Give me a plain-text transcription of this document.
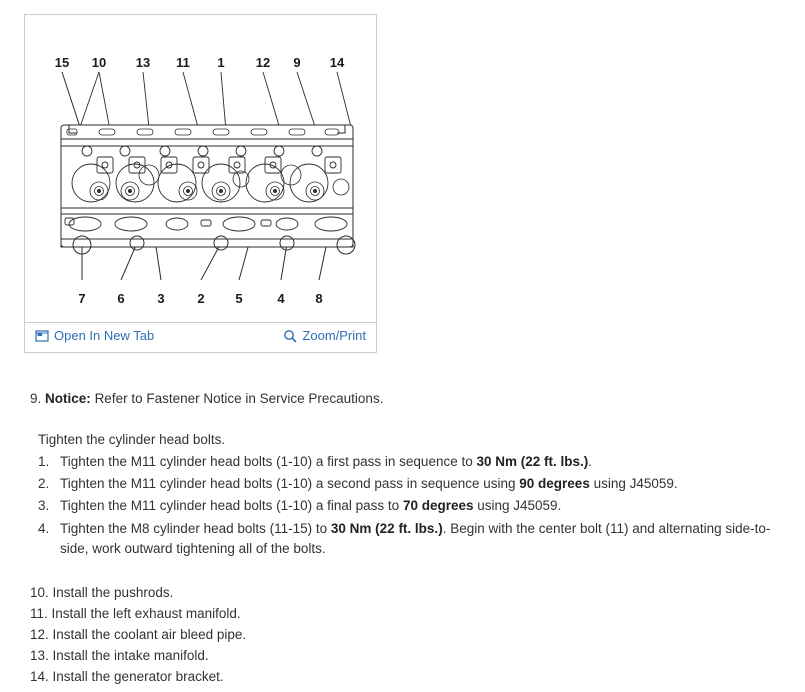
15 10 13 11 1 12 9 14
7 6	3	2 5	4 8
Open In New Tab	Zoom/Print

9. Notice: Refer to Fastener Notice in Service Precautions.

Tighten the cylinder head bolts.

1. Tighten the M11 cylinder head bolts (1-10) a first pass in sequence to 30 Nm (22 ft. lbs.).
2. Tighten the M11 cylinder head bolts (1-10) a second pass in sequence using 90 degrees using J45059.
3. Tighten the M11 cylinder head bolts (1-10) a final pass to 70 degrees using J45059.
4. Tighten the M8 cylinder head bolts (11-15) to 30 Nm (22 ft. lbs.). Begin with the center bolt (11) and alternating side-to-side, work outward tightening all of the bolts.
10. Install the pushrods.
11. Install the left exhaust manifold.
12. Install the coolant air bleed pipe.
13. Install the intake manifold.
14. Install the generator bracket.
